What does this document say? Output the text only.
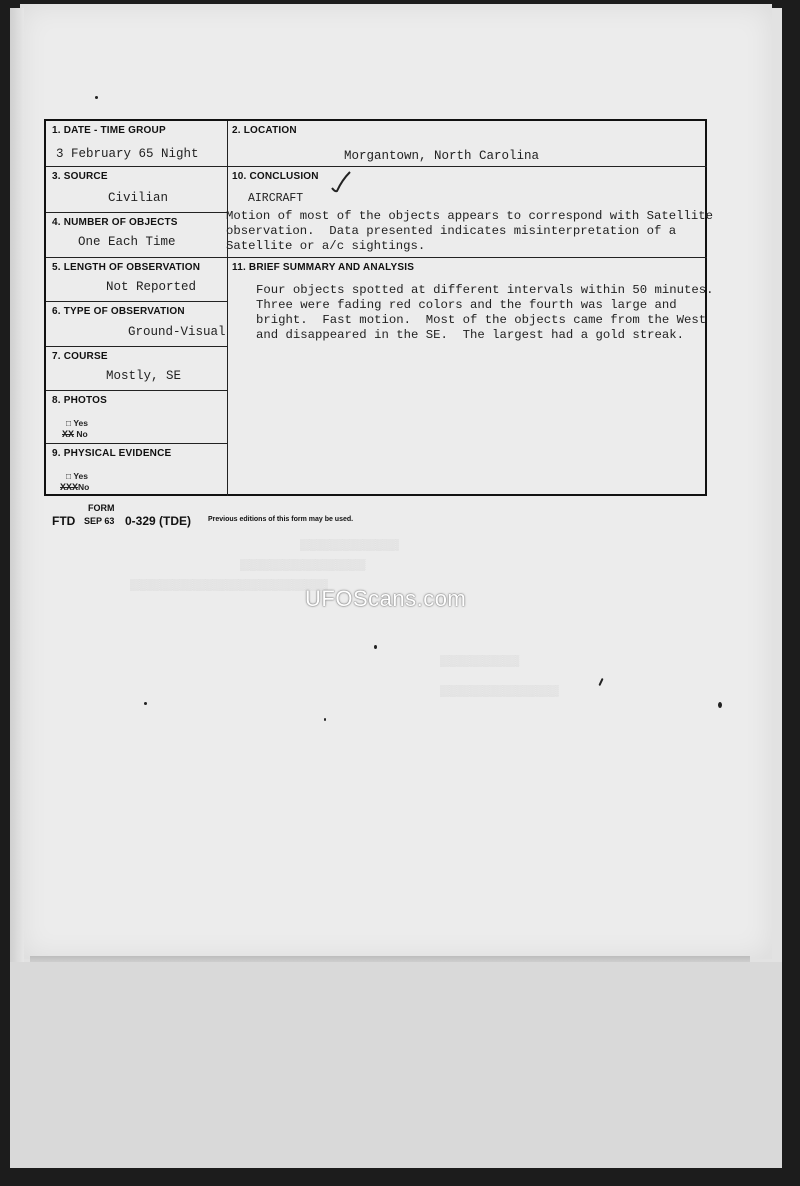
▒▒▒▒▒▒▒▒▒▒▒▒▒▒▒
▒▒▒▒▒▒▒▒▒▒▒▒▒▒▒▒▒▒▒
▒▒▒▒▒▒▒▒▒▒▒▒▒▒▒▒▒▒▒▒▒▒▒▒▒▒▒▒▒▒
▒▒▒▒▒▒▒▒▒▒▒▒
▒▒▒▒▒▒▒▒▒▒▒▒▒▒▒▒▒▒
1. DATE - TIME GROUP
3 February 65 Night
2. LOCATION
Morgantown, North Carolina
3. SOURCE
Civilian
4. NUMBER OF OBJECTS
One Each Time
5. LENGTH OF OBSERVATION
Not Reported
6. TYPE OF OBSERVATION
Ground-Visual
7. COURSE
Mostly, SE
8. PHOTOS
□ Yes
XX No
9. PHYSICAL EVIDENCE
□ Yes
XXXNo
10. CONCLUSION
AIRCRAFT
Motion of most of the objects appears to correspond with Satellite
observation.  Data presented indicates misinterpretation of a
Satellite or a/c sightings.
11. BRIEF SUMMARY AND ANALYSIS
Four objects spotted at different intervals within 50 minutes.
Three were fading red colors and the fourth was large and
bright.  Fast motion.  Most of the objects came from the West
and disappeared in the SE.  The largest had a gold streak.
FORM
FTD SEP 63 0-329 (TDE) Previous editions of this form may be used.
UFOScans.com
